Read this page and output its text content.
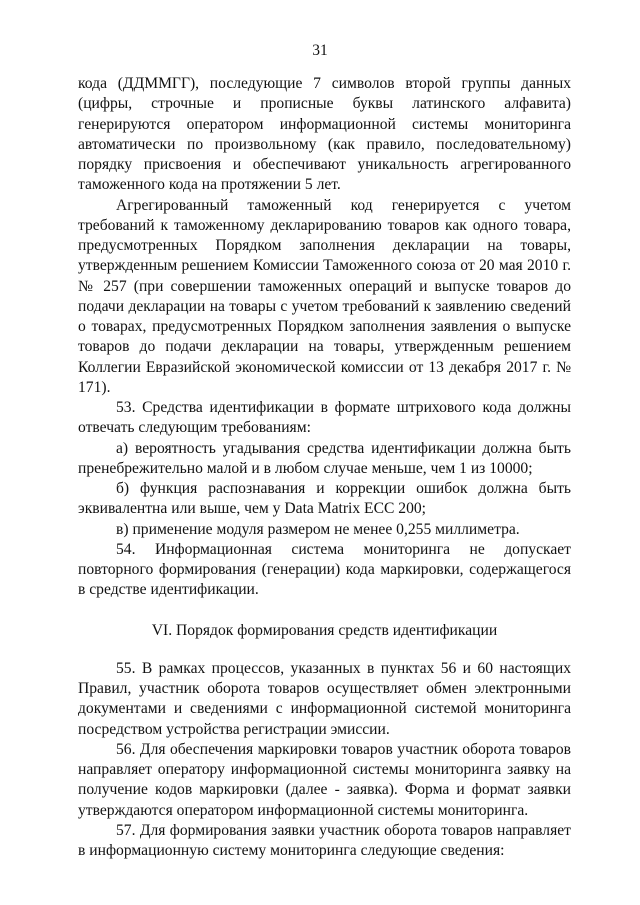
31

кода (ДДММГГ), последующие 7 символов второй группы данных (цифры, строчные и прописные буквы латинского алфавита) генерируются оператором информационной системы мониторинга автоматически по произвольному (как правило, последовательному) порядку присвоения и обеспечивают уникальность агрегированного таможенного кода на протяжении 5 лет.

Агрегированный таможенный код генерируется с учетом требований к таможенному декларированию товаров как одного товара, предусмотренных Порядком заполнения декларации на товары, утвержденным решением Комиссии Таможенного союза от 20 мая 2010 г. № 257 (при совершении таможенных операций и выпуске товаров до подачи декларации на товары с учетом требований к заявлению сведений о товарах, предусмотренных Порядком заполнения заявления о выпуске товаров до подачи декларации на товары, утвержденным решением Коллегии Евразийской экономической комиссии от 13 декабря 2017 г. № 171).

53. Средства идентификации в формате штрихового кода должны отвечать следующим требованиям:

а) вероятность угадывания средства идентификации должна быть пренебрежительно малой и в любом случае меньше, чем 1 из 10000;

б) функция распознавания и коррекции ошибок должна быть эквивалентна или выше, чем у Data Matrix ECC 200;

в) применение модуля размером не менее 0,255 миллиметра.

54. Информационная система мониторинга не допускает повторного формирования (генерации) кода маркировки, содержащегося в средстве идентификации.

VI. Порядок формирования средств идентификации

55. В рамках процессов, указанных в пунктах 56 и 60 настоящих Правил, участник оборота товаров осуществляет обмен электронными документами и сведениями с информационной системой мониторинга посредством устройства регистрации эмиссии.

56. Для обеспечения маркировки товаров участник оборота товаров направляет оператору информационной системы мониторинга заявку на получение кодов маркировки (далее - заявка). Форма и формат заявки утверждаются оператором информационной системы мониторинга.

57. Для формирования заявки участник оборота товаров направляет в информационную систему мониторинга следующие сведения:
